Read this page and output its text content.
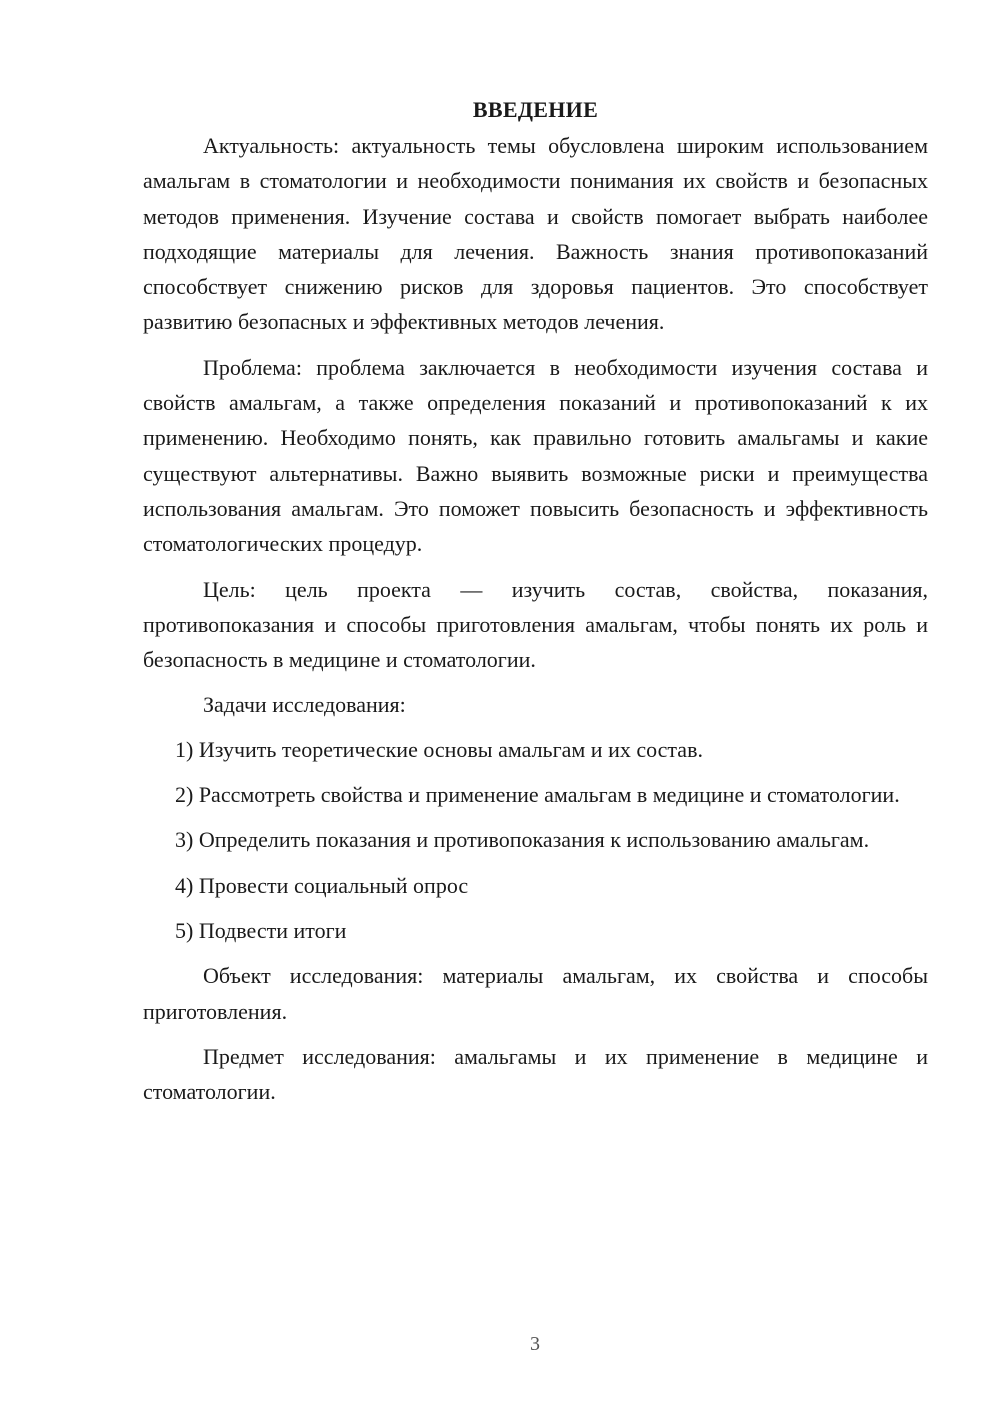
ВВЕДЕНИЕ

Актуальность: актуальность темы обусловлена широким использованием амальгам в стоматологии и необходимости понимания их свойств и безопасных методов применения. Изучение состава и свойств помогает выбрать наиболее подходящие материалы для лечения. Важность знания противопоказаний способствует снижению рисков для здоровья пациентов. Это способствует развитию безопасных и эффективных методов лечения.

Проблема: проблема заключается в необходимости изучения состава и свойств амальгам, а также определения показаний и противопоказаний к их применению. Необходимо понять, как правильно готовить амальгамы и какие существуют альтернативы. Важно выявить возможные риски и преимущества использования амальгам. Это поможет повысить безопасность и эффективность стоматологических процедур.

Цель: цель проекта — изучить состав, свойства, показания, противопоказания и способы приготовления амальгам, чтобы понять их роль и безопасность в медицине и стоматологии.

Задачи исследования:

1) Изучить теоретические основы амальгам и их состав.

2) Рассмотреть свойства и применение амальгам в медицине и стоматологии.

3) Определить показания и противопоказания к использованию амальгам.

4) Провести социальный опрос

5) Подвести итоги

Объект исследования: материалы амальгам, их свойства и способы приготовления.

Предмет исследования: амальгамы и их применение в медицине и стоматологии.

3
